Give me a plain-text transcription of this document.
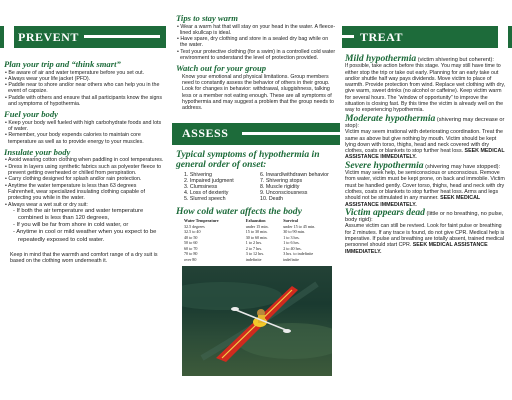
PREVENT
Plan your trip and “think smart”

• Be aware of air and water temperature before you set out.

• Always wear your life jacket (PFD).

• Paddle near to shore and/or near others who can help you in the event of capsize.

• Paddle with others and ensure that all participants know the signs and symptoms of hypothermia.

Fuel your body

• Keep your body well fueled with high carbohydrate foods and lots of water.

• Remember, your body expends calories to maintain core temperature as well as to provide energy to your muscles.

Insulate your body

• Avoid wearing cotton clothing when paddling in cool temperatures.

• Dress in layers using synthetic fabrics such as polyester fleece to prevent getting overheated or chilled from perspiration.

• Carry clothing designed for splash and/or rain protection.

• Anytime the water temperature is less than 63 degrees Fahrenheit, wear specialized insulating clothing capable of protecting you while in the water.

• Always wear a wet suit or dry suit:

- If both the air temperature and water temperature combined is less than 120 degrees,

- If you will be far from shore in cold water, or

- Anytime in cool or mild weather when you expect to be repeatedly exposed to cold water.

Keep in mind that the warmth and comfort range of a dry suit is based on the clothing worn underneath it.

Tips to stay warm

• Wear a warm hat that will stay on your head in the water. A fleece-lined skullcap is ideal.

• Have spare, dry clothing and store in a sealed dry bag while on the water.

• Test your protective clothing (for a swim) in a controlled cold water environment to understand the level of protection provided.

Watch out for your group

Know your emotional and physical limitations. Group members need to constantly assess the behavior of others in their group. Look for changes in behavior: withdrawal, sluggishness, talking less or a member not eating enough. These are all symptoms of hypothermia and may suggest a problem that the group needs to address.

ASSESS
Typical symptoms of hypothermia in general order of onset:
1. Shivering
2. Impaired judgment
3. Clumsiness
4. Loss of dexterity
5. Slurred speech
6. Inward/withdrawn behavior
7. Shivering stops
8. Muscle rigidity
9. Unconsciousness
10. Death
How cold water affects the body
Water Temperature	Exhaustion	Survival
32.5 degrees	under 15 min.	under 15 to 45 min.
32.5 to 40	15 to 30 min.	30 to 90 min.
40 to 50	30 to 60 min.	1 to 3 hrs.
50 to 60	1 to 2 hrs.	1 to 6 hrs.
60 to 70	2 to 7 hrs.	2 to 40 hrs.
70 to 80	3 to 12 hrs.	3 hrs. to indefinite
over 80	indefinite	indefinite
TREAT

Mild hypothermia (victim shivering but coherent):

If possible, take action before this stage. You may still have time to either stop the trip or take out early. Planning for an early take out and/or shuttle half way pays dividends. Move victim to place of warmth. Provide protection from wind. Replace wet clothing with dry, give warm, sweet drinks (no alcohol or caffeine). Keep victim warm for several hours. The “window of opportunity” to improve the situation is closing fast. By this time the victim is already well on the way to experiencing hypothermia.

Moderate hypothermia (shivering may decrease or stop):

Victim may seem irrational with deteriorating coordination. Treat the same as above but give nothing by mouth. Victim should be kept lying down with torso, thighs, head and neck covered with dry clothes, coats or blankets to stop further heat loss. SEEK MEDICAL ASSISTANCE IMMEDIATELY.

Severe hypothermia (shivering may have stopped):

Victim may seek help, be semiconscious or unconscious. Remove from water, victim must be kept prone, on back and immobile. Victim must be handled gently. Cover torso, thighs, head and neck with dry clothes, coats or blankets to stop further heat loss. Arms and legs should not be stimulated in any manner. SEEK MEDICAL ASSISTANCE IMMEDIATELY.

Victim appears dead (little or no breathing, no pulse, body rigid):

Assume victim can still be revived. Look for faint pulse or breathing for 2 minutes. If any trace is found, do not give CPR. Medical help is imperative. If pulse and breathing are totally absent, trained medical personnel should start CPR. SEEK MEDICAL ASSISTANCE IMMEDIATELY.
